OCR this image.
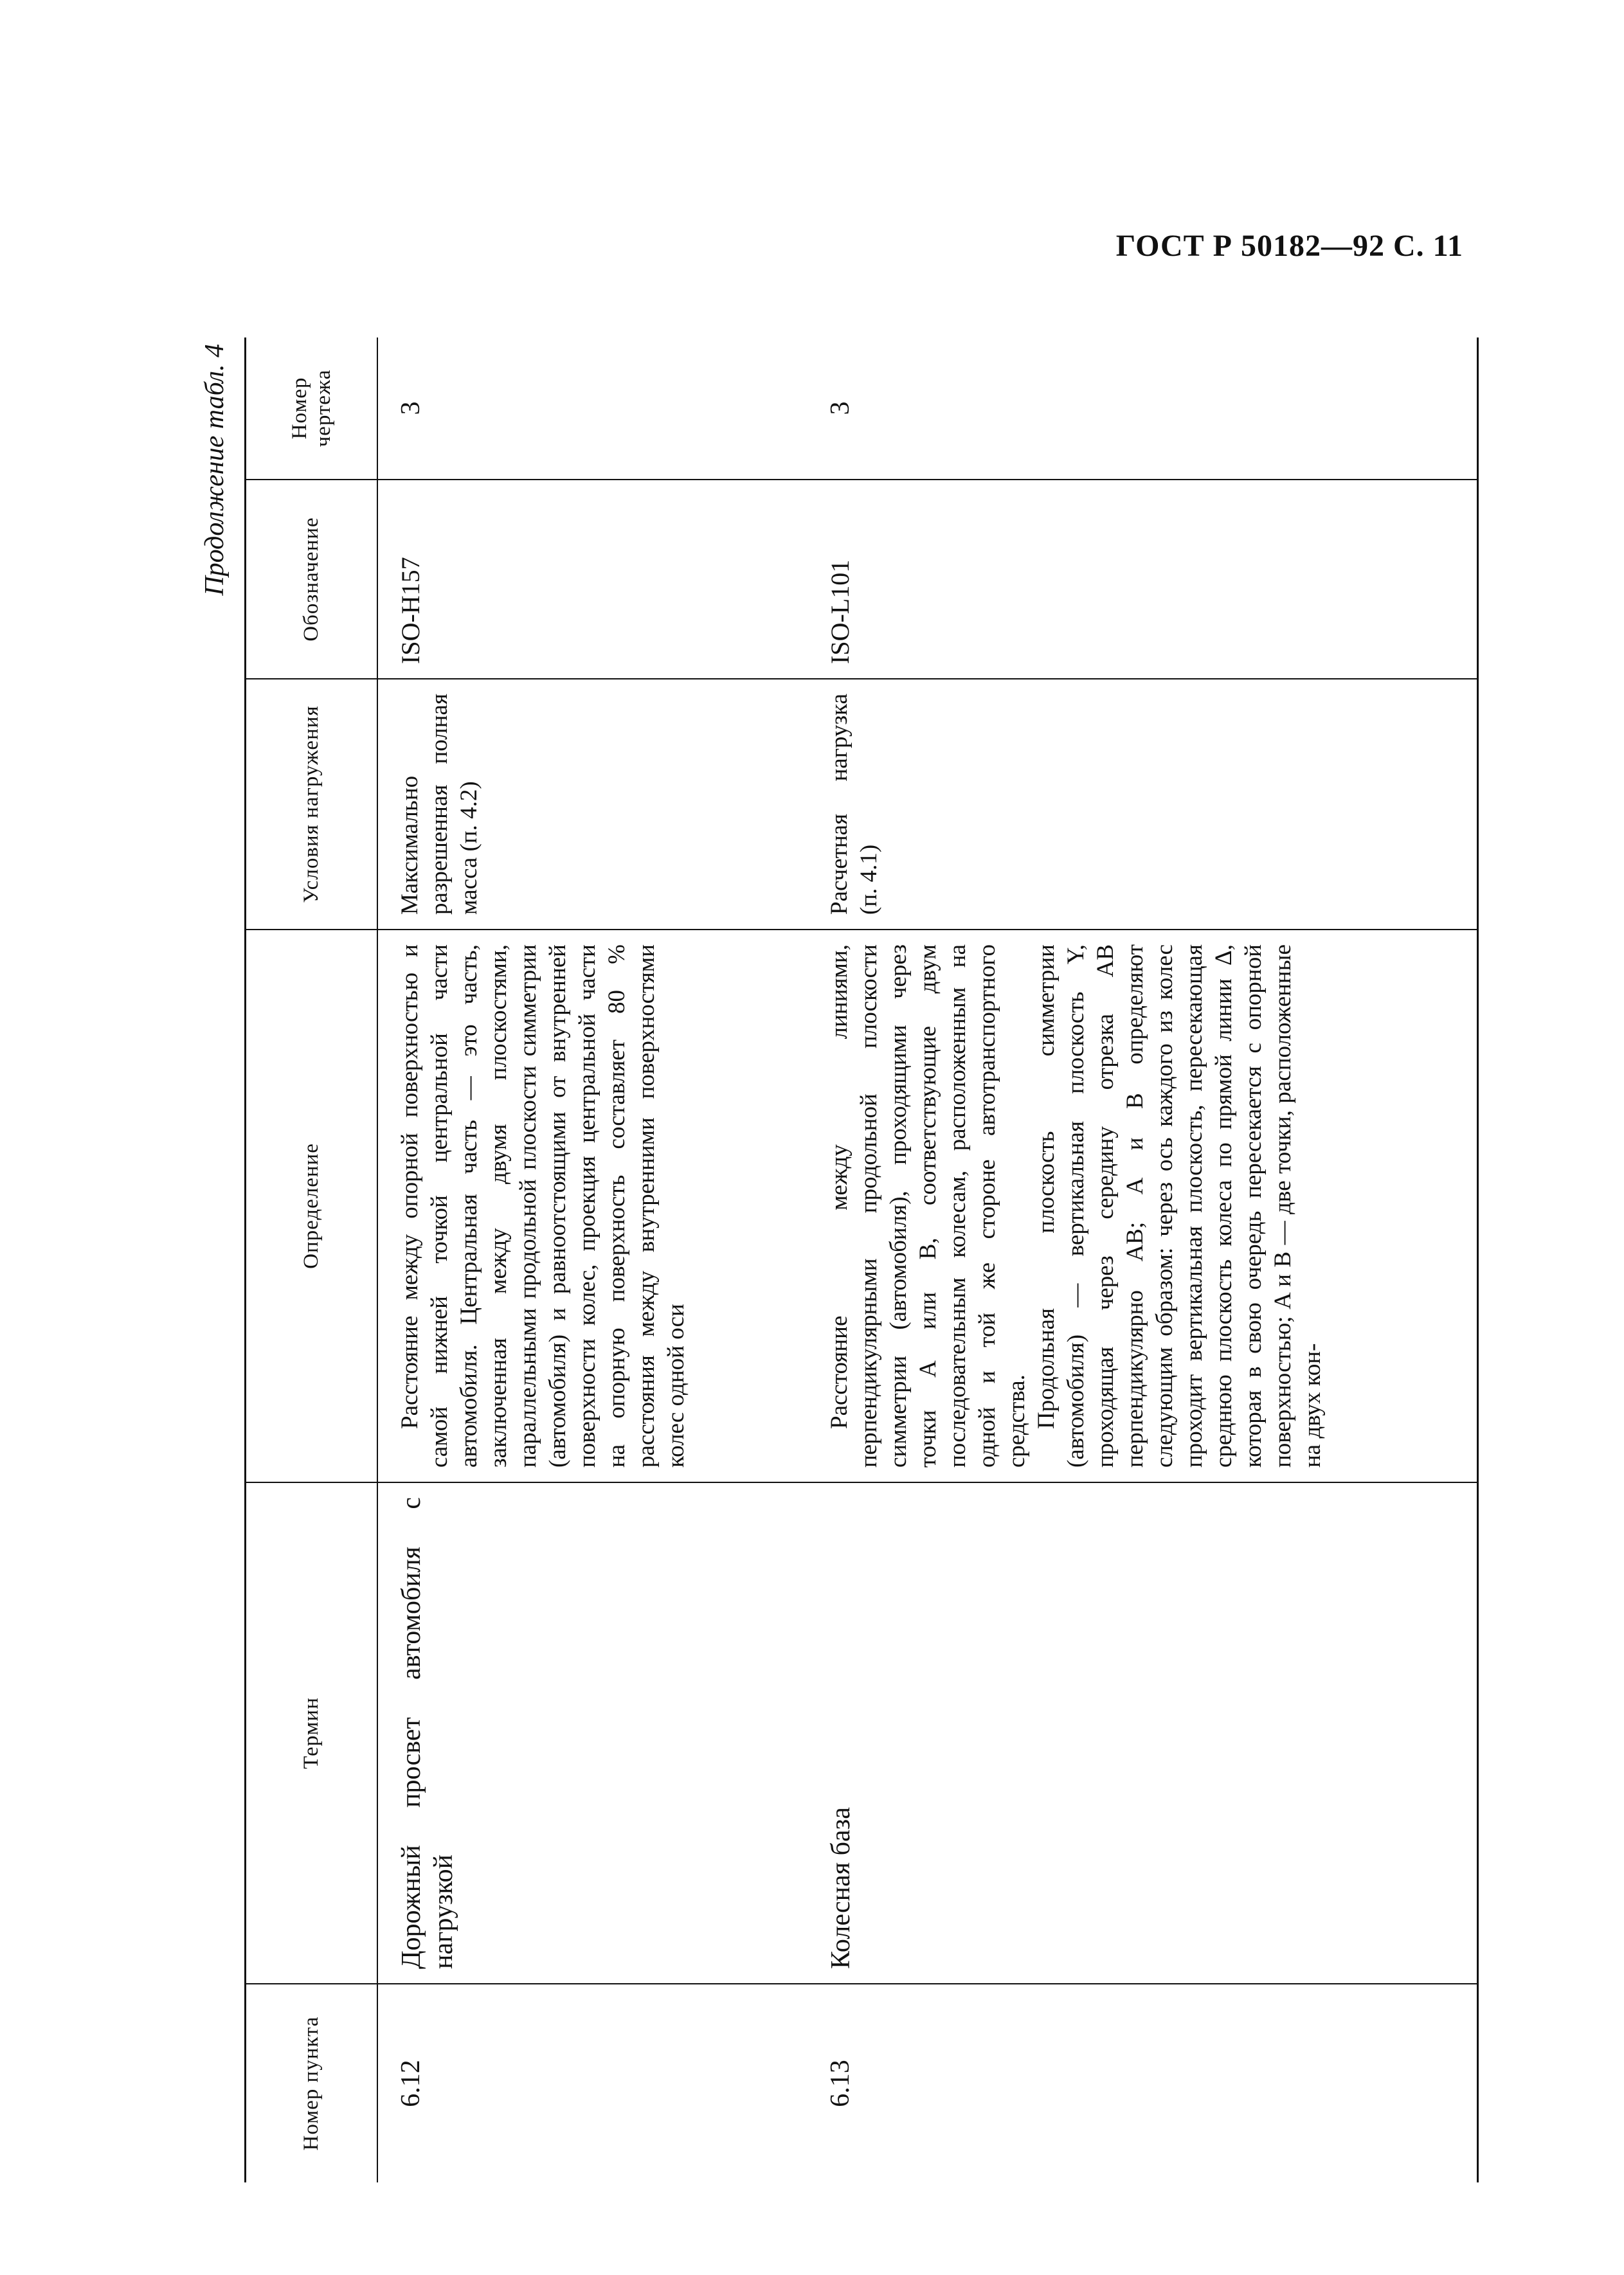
ГОСТ Р 50182—92 С. 11
Продолжение табл. 4
Номер пункта	6.12	6.13
Термин	Дорожный просвет автомобиля с нагрузкой	Колесная база
Определение	Расстояние между опорной поверхностью и самой нижней точкой центральной части автомобиля. Центральная часть — это часть, заключенная между двумя плоскостями, параллельными продольной плоскости симметрии (автомобиля) и равноотстоящими от внутренней поверхности колес, проекция центральной части на опорную поверхность составляет 80 % расстояния между внутренними поверхностями колес одной оси	Расстояние между линиями, перпендикулярными продольной плоскости симметрии (автомобиля), проходящими через точки A или B, соответствующие двум последовательным колесам, расположенным на одной и той же стороне автотранспортного средства. Продольная плоскость симметрии (автомобиля) — вертикальная плоскость Y, проходящая через середину отрезка AB перпендикулярно AB; A и B определяют следующим образом: через ось каждого из колес проходит вертикальная плоскость, пересекающая среднюю плоскость колеса по прямой линии Δ, которая в свою очередь пересекается с опорной поверхностью; A и B — две точки, расположенные на двух кон-
Условия нагружения	Максимально разрешенная полная масса (п. 4.2)	Расчетная нагрузка (п. 4.1)
Обозначение	ISO-H157	ISO-L101
Номер чертежа	3	3
